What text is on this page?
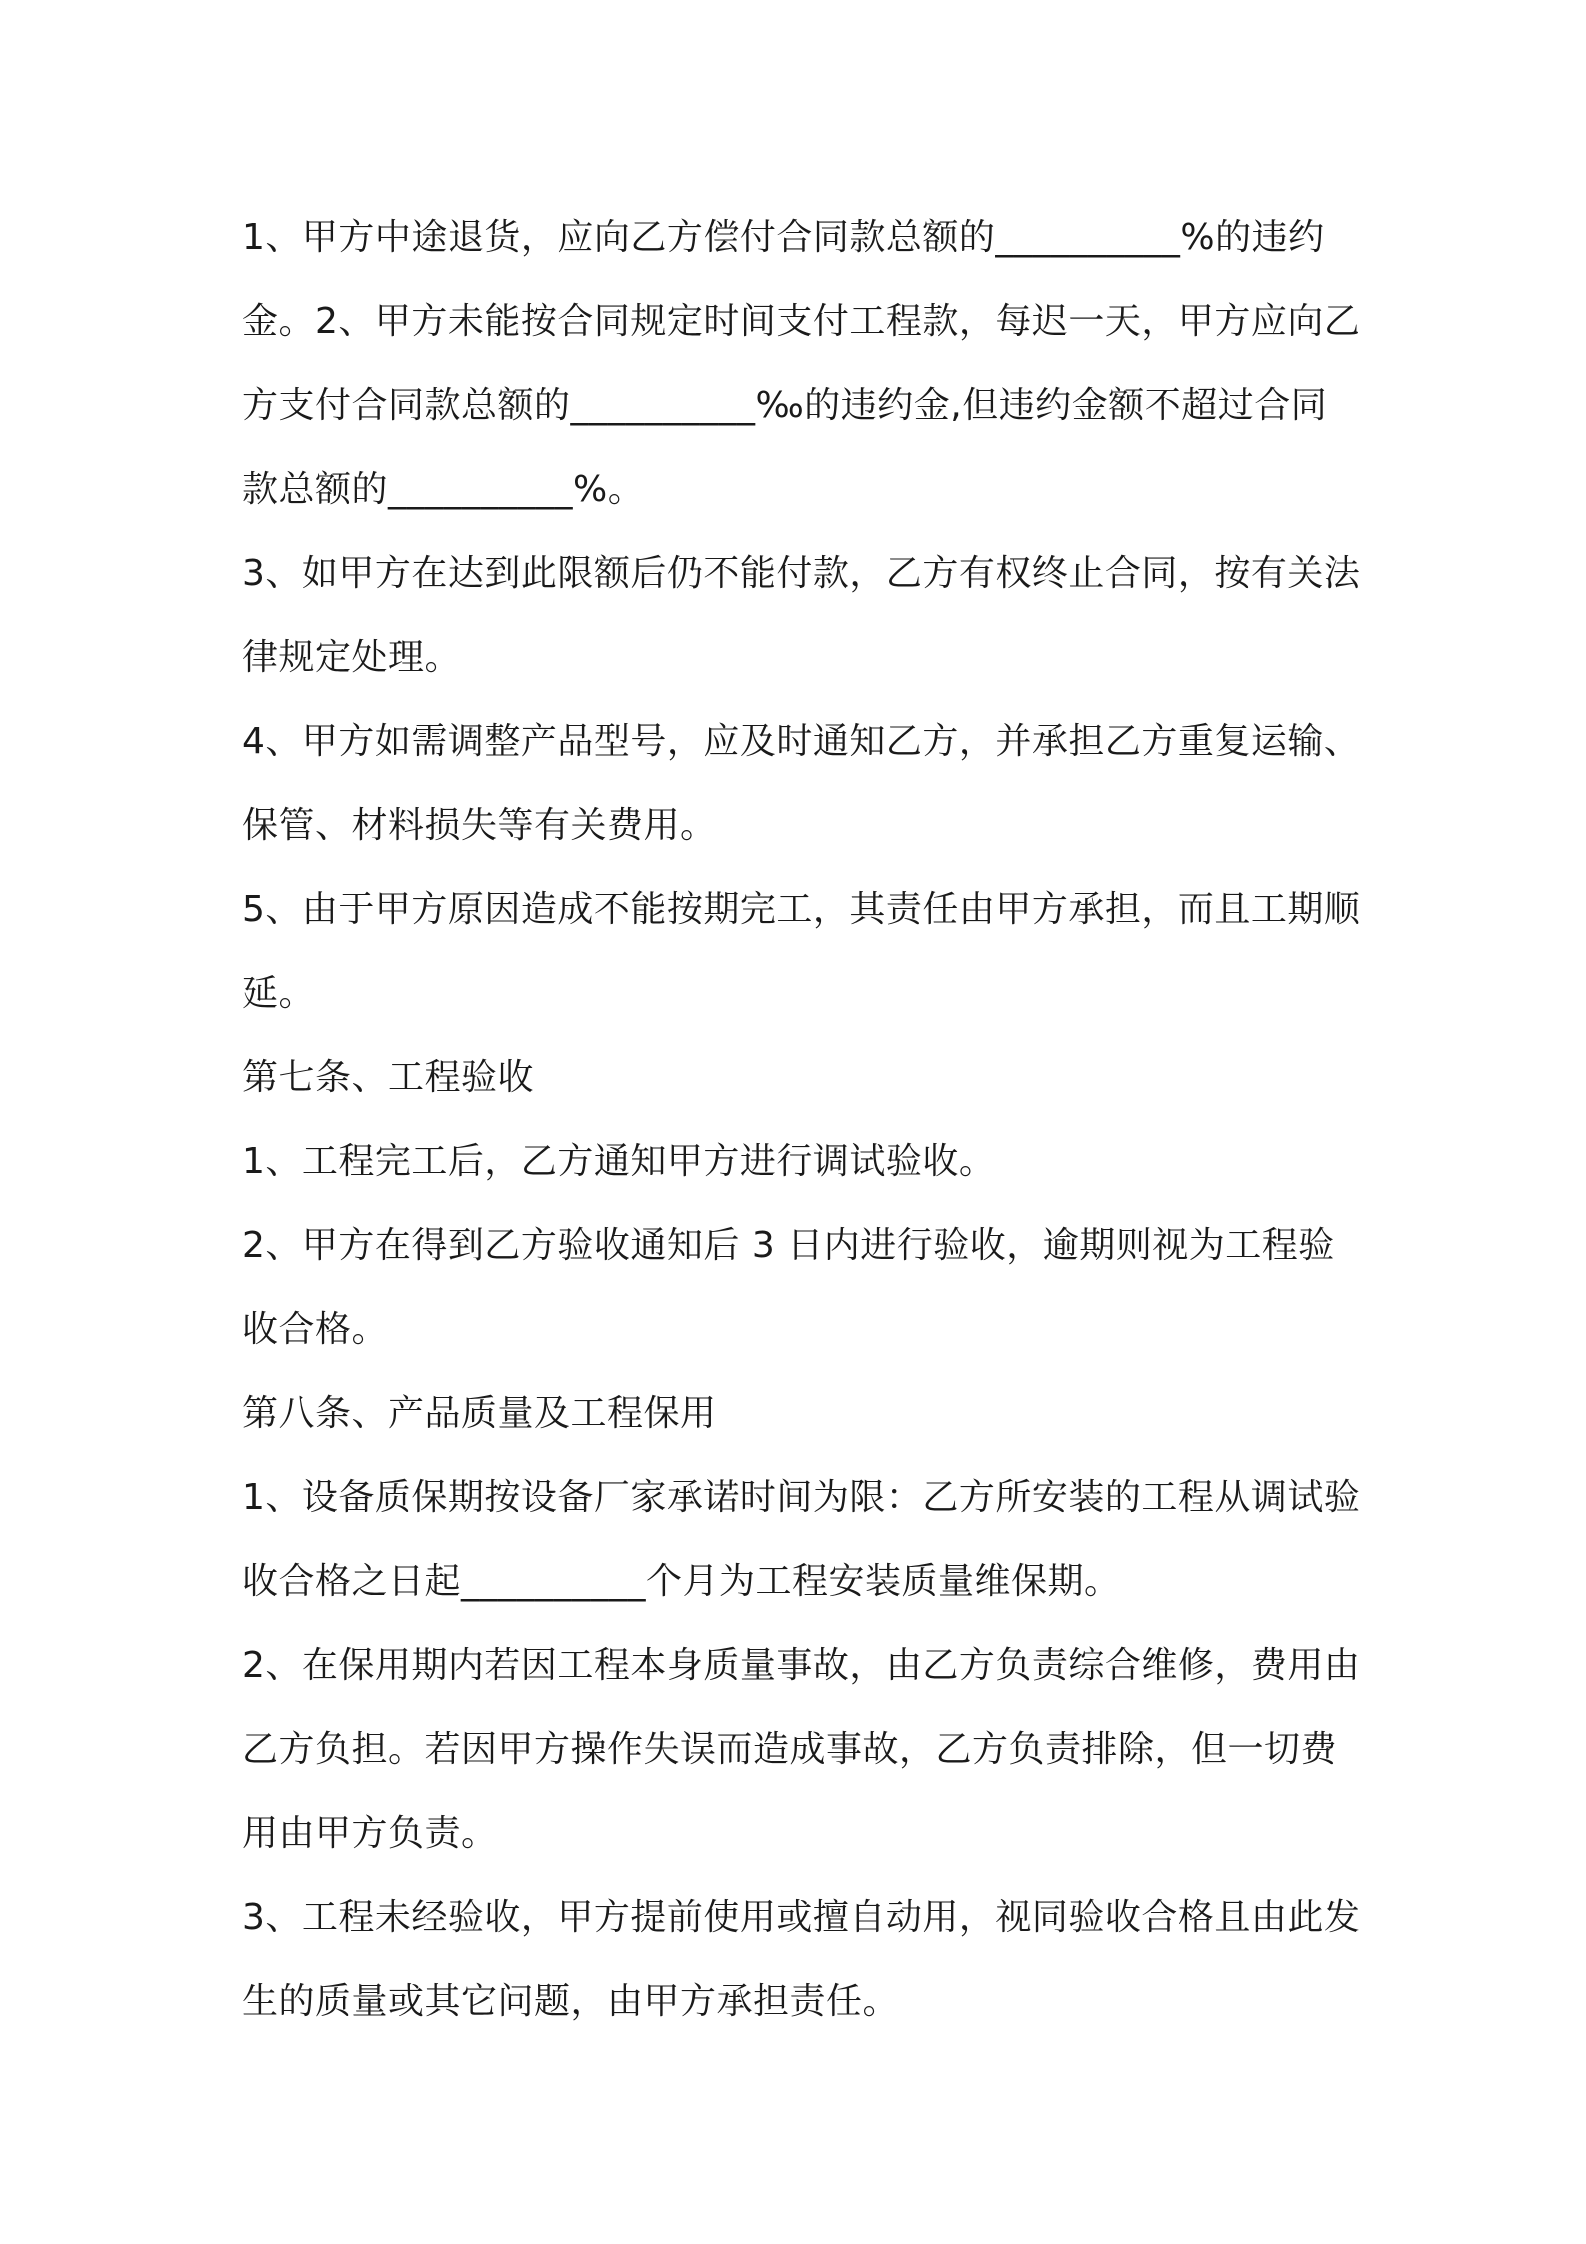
1、甲方中途退货，应向乙方偿付合同款总额的__________%的违约金。2、甲方未能按合同规定时间支付工程款，每迟一天，甲方应向乙方支付合同款总额的__________‰的违约金,但违约金额不超过合同款总额的__________%。

3、如甲方在达到此限额后仍不能付款，乙方有权终止合同，按有关法律规定处理。

4、甲方如需调整产品型号，应及时通知乙方，并承担乙方重复运输、保管、材料损失等有关费用。

5、由于甲方原因造成不能按期完工，其责任由甲方承担，而且工期顺延。

第七条、工程验收

1、工程完工后，乙方通知甲方进行调试验收。

2、甲方在得到乙方验收通知后 3 日内进行验收，逾期则视为工程验收合格。

第八条、产品质量及工程保用

1、设备质保期按设备厂家承诺时间为限：乙方所安装的工程从调试验收合格之日起__________个月为工程安装质量维保期。

2、在保用期内若因工程本身质量事故，由乙方负责综合维修，费用由乙方负担。若因甲方操作失误而造成事故，乙方负责排除，但一切费用由甲方负责。

3、工程未经验收，甲方提前使用或擅自动用，视同验收合格且由此发生的质量或其它问题，由甲方承担责任。
